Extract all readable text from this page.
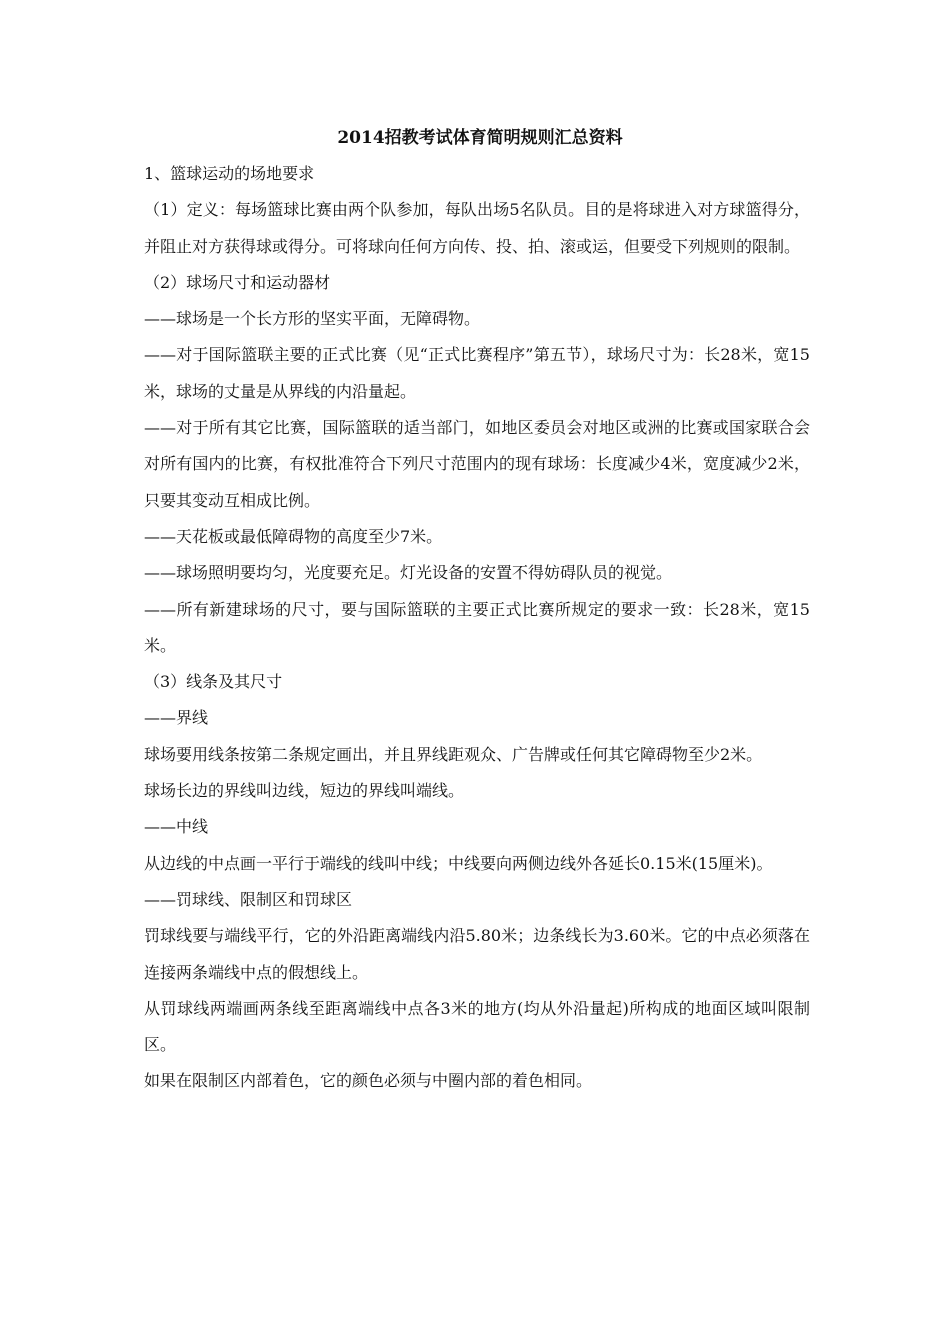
2014招教考试体育简明规则汇总资料

1、篮球运动的场地要求

（1）定义：每场篮球比赛由两个队参加，每队出场5名队员。目的是将球进入对方球篮得分，并阻止对方获得球或得分。可将球向任何方向传、投、拍、滚或运，但要受下列规则的限制。

（2）球场尺寸和运动器材

——球场是一个长方形的坚实平面，无障碍物。

——对于国际篮联主要的正式比赛（见“正式比赛程序”第五节），球场尺寸为：长28米，宽15米，球场的丈量是从界线的内沿量起。

——对于所有其它比赛，国际篮联的适当部门，如地区委员会对地区或洲的比赛或国家联合会对所有国内的比赛，有权批准符合下列尺寸范围内的现有球场：长度减少4米，宽度减少2米，只要其变动互相成比例。

——天花板或最低障碍物的高度至少7米。

——球场照明要均匀，光度要充足。灯光设备的安置不得妨碍队员的视觉。

——所有新建球场的尺寸，要与国际篮联的主要正式比赛所规定的要求一致：长28米，宽15米。

（3）线条及其尺寸

——界线

球场要用线条按第二条规定画出，并且界线距观众、广告牌或任何其它障碍物至少2米。

球场长边的界线叫边线，短边的界线叫端线。

——中线

从边线的中点画一平行于端线的线叫中线；中线要向两侧边线外各延长0.15米(15厘米)。

——罚球线、限制区和罚球区

罚球线要与端线平行，它的外沿距离端线内沿5.80米；边条线长为3.60米。它的中点必须落在连接两条端线中点的假想线上。

从罚球线两端画两条线至距离端线中点各3米的地方(均从外沿量起)所构成的地面区域叫限制区。

如果在限制区内部着色，它的颜色必须与中圈内部的着色相同。
